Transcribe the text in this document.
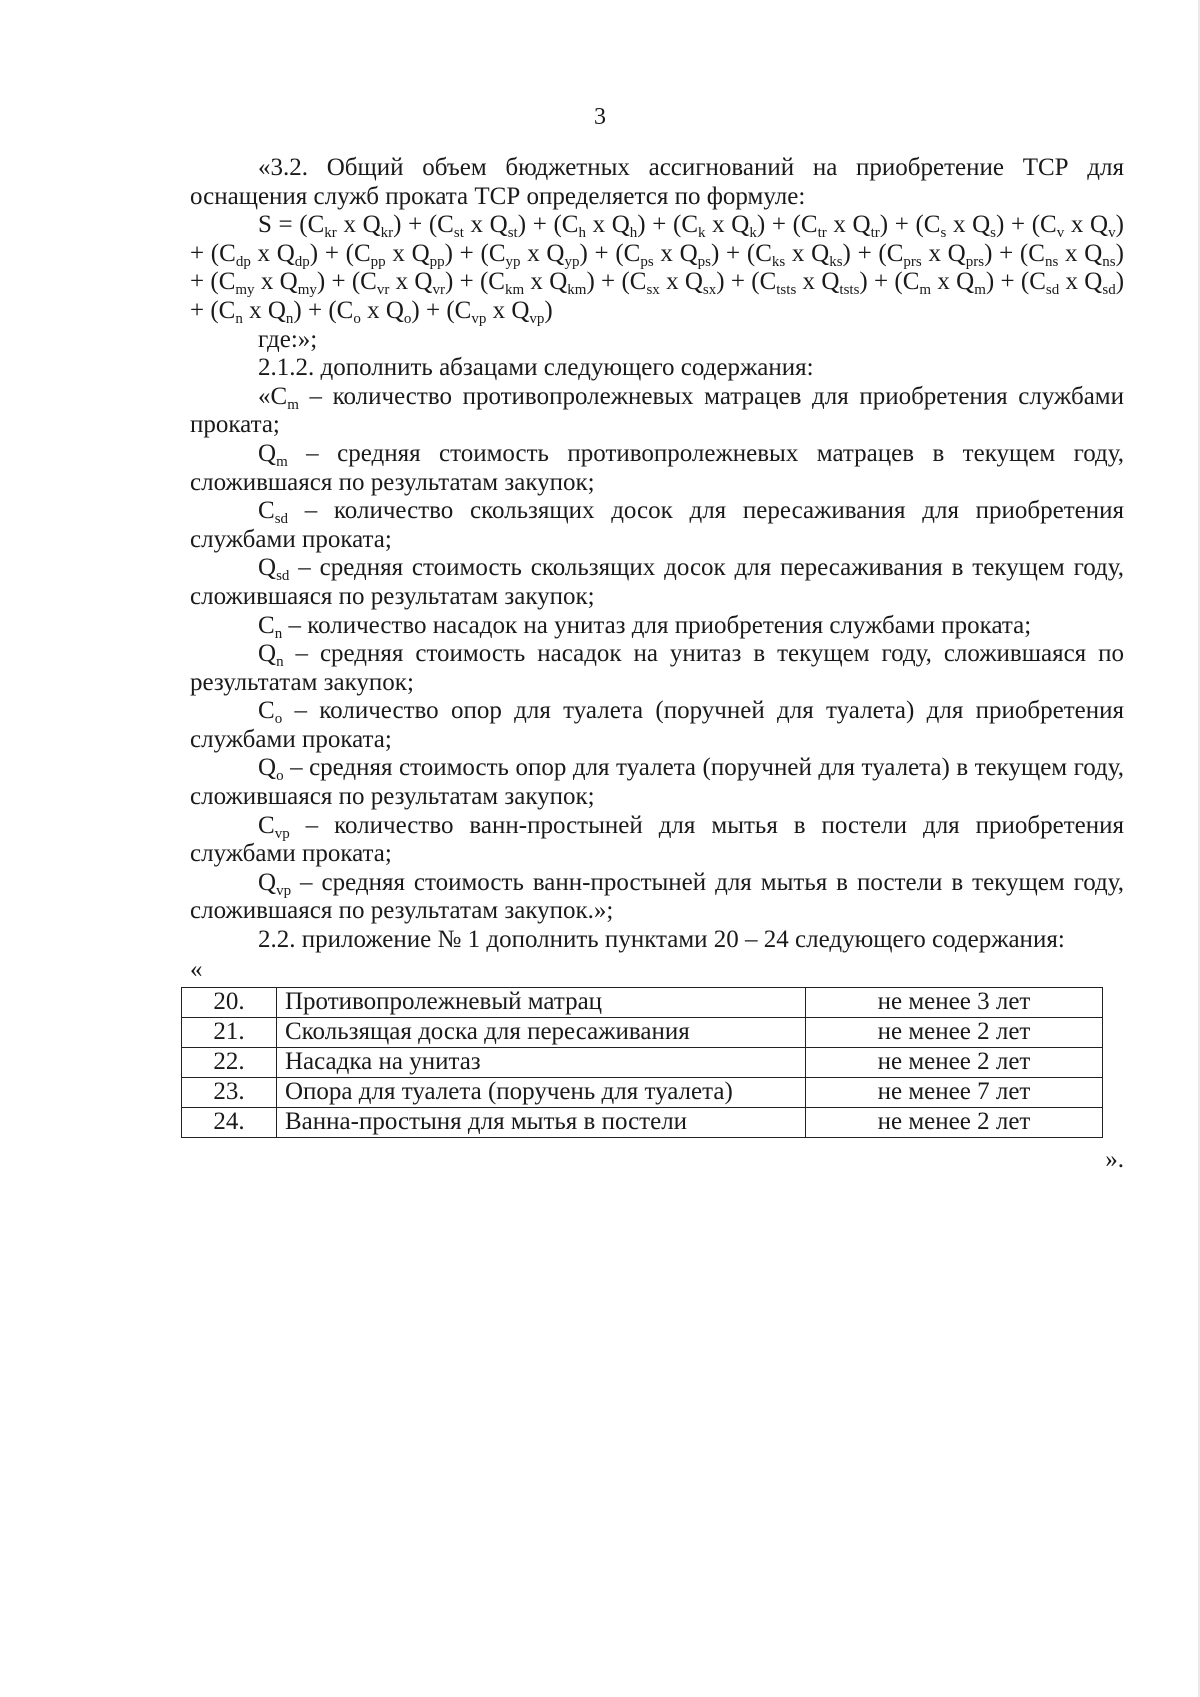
3

«3.2. Общий объем бюджетных ассигнований на приобретение ТСР для оснащения служб проката ТСР определяется по формуле:

$S = (C_{kr}$ x $Q_{kr}) + (C_{st}$ x $Q_{st}) + (C_h$ x $Q_h) + (C_k$ x $Q_k) + (C_{tr}$ x $Q_{tr}) + (C_s$ x $Q_s) + (C_v$ x $Q_v) + (C_{dp}$ x $Q_{dp}) + (C_{pp}$ x $Q_{pp}) + (C_{yp}$ x $Q_{yp}) + (C_{ps}$ x $Q_{ps}) + (C_{ks}$ x $Q_{ks}) + (C_{prs}$ x $Q_{prs}) + (C_{ns}$ x $Q_{ns}) + (C_{my}$ x $Q_{my}) + (C_{vr}$ x $Q_{vr}) + (C_{km}$ x $Q_{km}) + (C_{sx}$ x $Q_{sx}) + (C_{tsts}$ x $Q_{tsts}) + (C_m$ x $Q_m) + (C_{sd}$ x $Q_{sd}) + (C_n$ x $Q_n) + (C_o$ x $Q_o) + (C_{vp}$ x $Q_{vp}$)

где:»;

2.1.2. дополнить абзацами следующего содержания:

«$C_m$ – количество противопролежневых матрацев для приобретения службами проката;

$Q_m$ – средняя стоимость противопролежневых матрацев в текущем году, сложившаяся по результатам закупок;

$C_{sd}$ – количество скользящих досок для пересаживания для приобретения службами проката;

$Q_{sd}$ – средняя стоимость скользящих досок для пересаживания в текущем году, сложившаяся по результатам закупок;

$C_n$ – количество насадок на унитаз для приобретения службами проката;

$Q_n$ – средняя стоимость насадок на унитаз в текущем году, сложившаяся по результатам закупок;

$C_o$ – количество опор для туалета (поручней для туалета) для приобретения службами проката;

$Q_o$ – средняя стоимость опор для туалета (поручней для туалета) в текущем году, сложившаяся по результатам закупок;

$C_{vp}$ – количество ванн-простыней для мытья в постели для приобретения службами проката;

$Q_{vp}$ – средняя стоимость ванн-простыней для мытья в постели в текущем году, сложившаяся по результатам закупок.»;

2.2. приложение № 1 дополнить пунктами 20 – 24 следующего содержания:

«
20.	Противопролежневый матрац	не менее 3 лет
21.	Скользящая доска для пересаживания	не менее 2 лет
22.	Насадка на унитаз	не менее 2 лет
23.	Опора для туалета (поручень для туалета)	не менее 7 лет
24.	Ванна-простыня для мытья в постели	не менее 2 лет
».
